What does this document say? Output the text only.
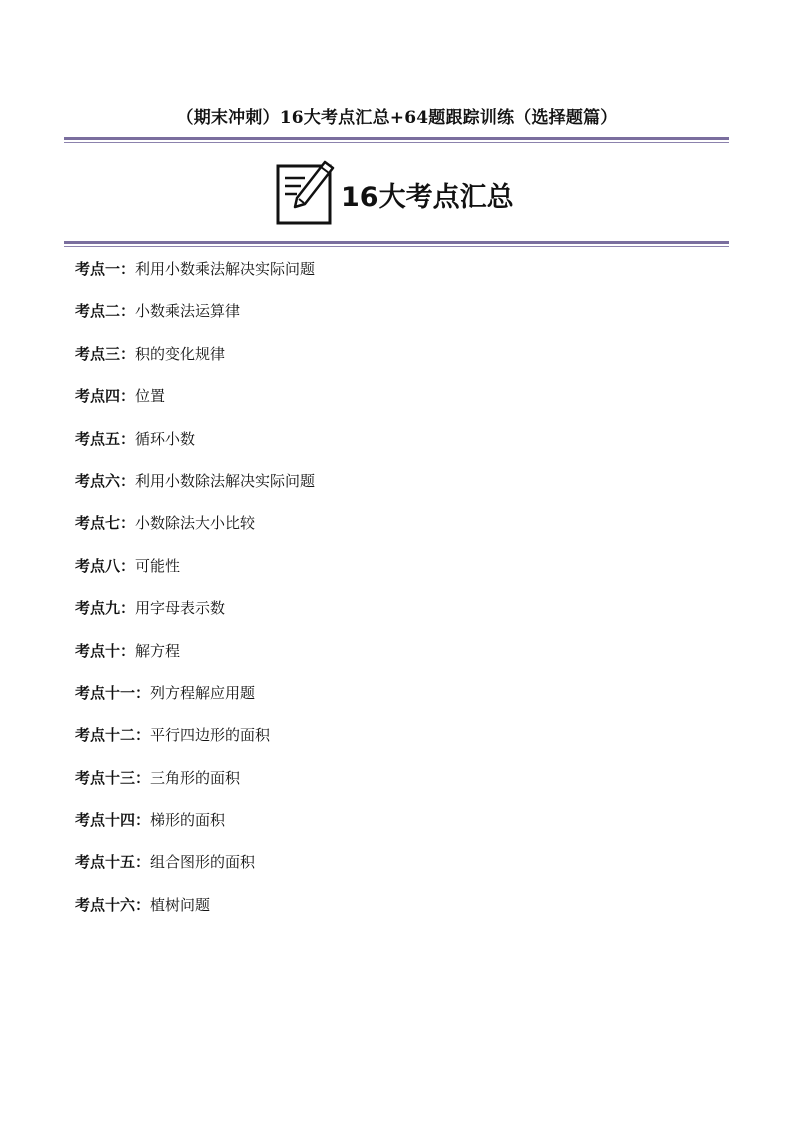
（期末冲刺）16大考点汇总+64题跟踪训练（选择题篇）
16大考点汇总
考点一：利用小数乘法解决实际问题
考点二：小数乘法运算律
考点三：积的变化规律
考点四：位置
考点五：循环小数
考点六：利用小数除法解决实际问题
考点七：小数除法大小比较
考点八：可能性
考点九：用字母表示数
考点十：解方程
考点十一：列方程解应用题
考点十二：平行四边形的面积
考点十三：三角形的面积
考点十四：梯形的面积
考点十五：组合图形的面积
考点十六：植树问题
